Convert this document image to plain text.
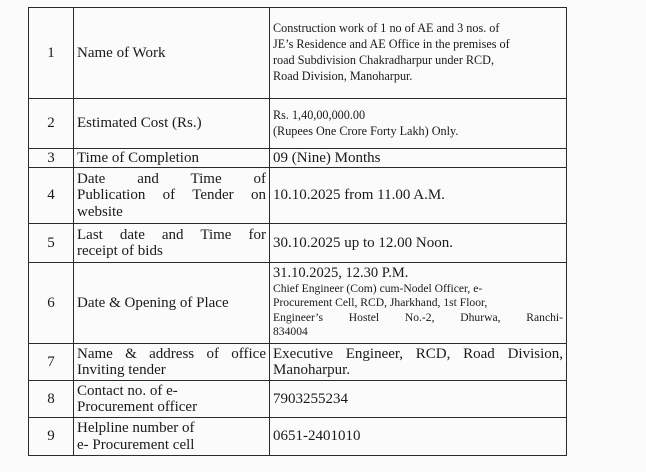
1	Name of Work	Construction work of 1 no of AE and 3 nos. of
JE’s Residence and AE Office in the premises of
road Subdivision Chakradharpur under RCD,
Road Division, Manoharpur.

2	Estimated Cost (Rs.)	Rs. 1,40,00,000.00
(Rupees One Crore Forty Lakh) Only.

3	Time of Completion	09 (Nine) Months
4	Date and Time of
Publication of Tender on
website	10.10.2025 from 11.00 A.M.
5	Last date and Time for
receipt of bids	30.10.2025 up to 12.00 Noon.
6	Date & Opening of Place	31.10.2025, 12.30 P.M.
Chief Engineer (Com) cum-Nodel Officer, e-
Procurement Cell, RCD, Jharkhand, 1st Floor,
Engineer’s Hostel No.-2, Dhurwa, Ranchi-
834004

7	Name & address of office
Inviting tender	Executive Engineer, RCD, Road Division,
Manoharpur.

8	Contact no. of e-
Procurement officer	7903255234
9	Helpline number of
e- Procurement cell	0651-2401010
